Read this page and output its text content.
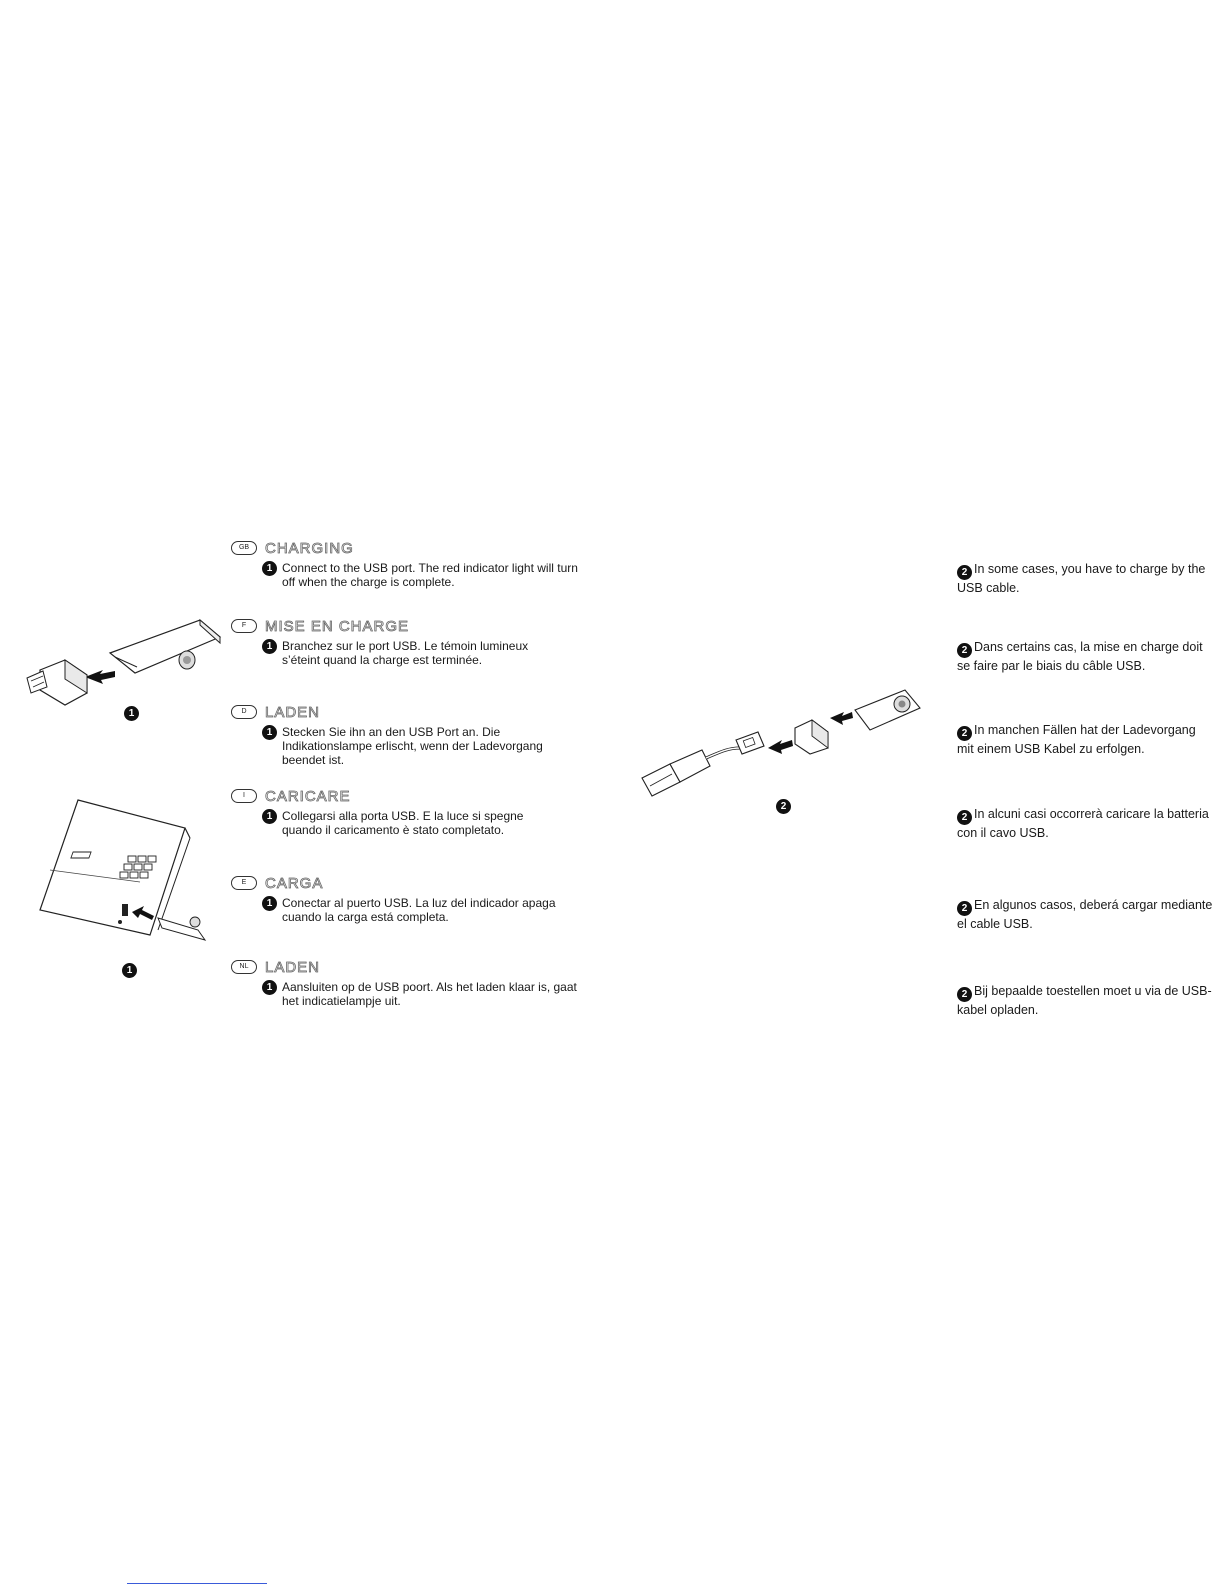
1
1
2
GB	CHARGING
1 Connect to the USB port. The red indicator light will turn off when the charge is complete.
F	MISE EN CHARGE
1 Branchez sur le port USB. Le témoin lumineux s’éteint quand la charge est terminée.
D	LADEN
1 Stecken Sie ihn an den USB Port an. Die Indikationslampe erlischt, wenn der Ladevorgang beendet ist.
I	CARICARE
1 Collegarsi alla porta USB. E la luce si spegne quando il caricamento è stato completato.
E	CARGA
1 Conectar al puerto USB. La luz del indicador apaga cuando la carga está completa.
NL	LADEN
1 Aansluiten op de USB poort. Als het laden klaar is, gaat het indicatielampje uit.
2 In some cases, you have to charge by the USB cable.
2 Dans certains cas, la mise en charge doit se faire par le biais du câble USB.
2 In manchen Fällen hat der Ladevorgang mit einem USB Kabel zu erfolgen.
2 In alcuni casi occorrerà caricare la batteria con il cavo USB.
2 En algunos casos, deberá cargar mediante el cable USB.
2 Bij bepaalde toestellen moet u via de USB-kabel opladen.
